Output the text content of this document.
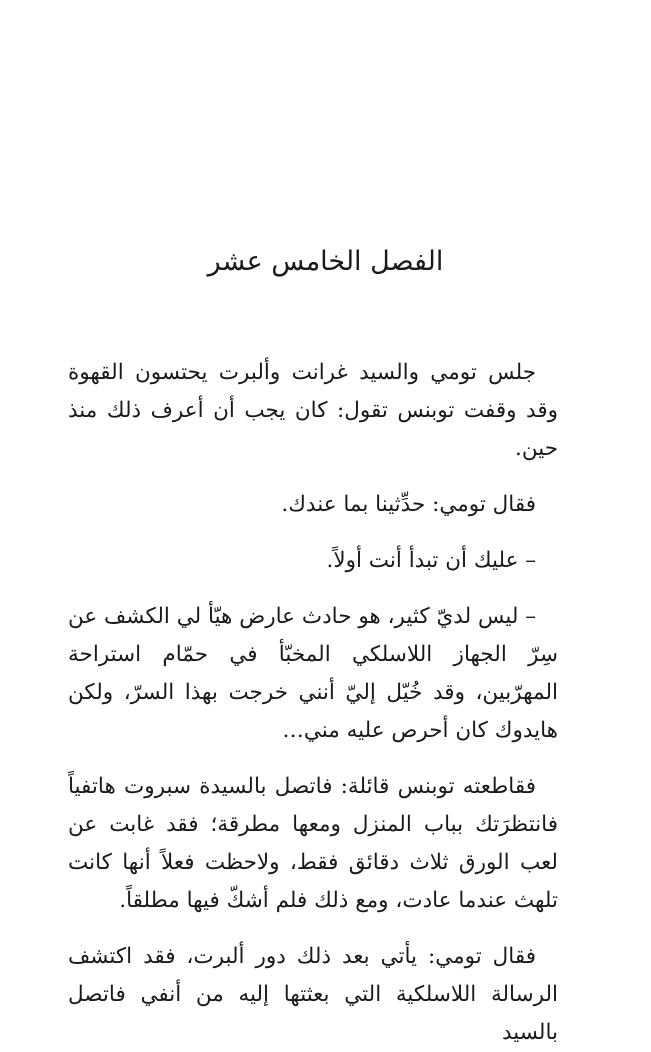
الفصل الخامس عشر

جلس تومي والسيد غرانت وألبرت يحتسون القهوة وقد وقفت توبنس تقول: كان يجب أن أعرف ذلك منذ حين.

فقال تومي: حدِّثينا بما عندك.

– عليك أن تبدأ أنت أولاً.

– ليس لديّ كثير، هو حادث عارض هيّأ لي الكشف عن سِرّ الجهاز اللاسلكي المخبّأ في حمّام استراحة المهرّبين، وقد خُيّل إليّ أنني خرجت بهذا السرّ، ولكن هايدوك كان أحرص عليه مني…

فقاطعته توبنس قائلة: فاتصل بالسيدة سبروت هاتفياً فانتظرَتك بباب المنزل ومعها مطرقة؛ فقد غابت عن لعب الورق ثلاث دقائق فقط، ولاحظت فعلاً أنها كانت تلهث عندما عادت، ومع ذلك فلم أشكّ فيها مطلقاً.

فقال تومي: يأتي بعد ذلك دور ألبرت، فقد اكتشف الرسالة اللاسلكية التي بعثتها إليه من أنفي فاتصل بالسيد
